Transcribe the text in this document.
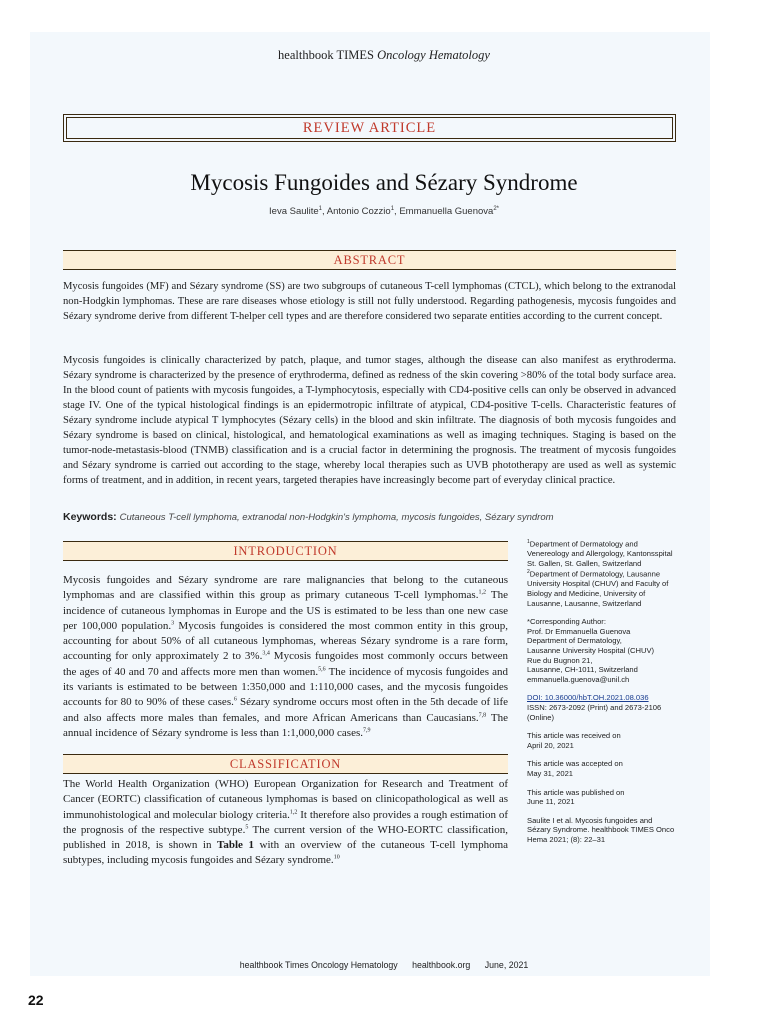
healthbook TIMES Oncology Hematology
REVIEW ARTICLE
Mycosis Fungoides and Sézary Syndrome
Ieva Saulite$^1$, Antonio Cozzio$^1$, Emmanuella Guenova$^{2*}$
ABSTRACT
Mycosis fungoides (MF) and Sézary syndrome (SS) are two subgroups of cutaneous T-cell lymphomas (CTCL), which belong to the extranodal non-Hodgkin lymphomas. These are rare diseases whose etiology is still not fully understood. Regarding pathogenesis, mycosis fungoides and Sézary syndrome derive from different T-helper cell types and are therefore considered two separate entities according to the current concept.
Mycosis fungoides is clinically characterized by patch, plaque, and tumor stages, although the disease can also manifest as erythroderma. Sézary syndrome is characterized by the presence of erythroderma, defined as redness of the skin covering >80% of the total body surface area. In the blood count of patients with mycosis fungoides, a T-lymphocytosis, especially with CD4-positive cells can only be observed in advanced stage IV. One of the typical histological findings is an epidermotropic infiltrate of atypical, CD4-positive T-cells. Characteristic features of Sézary syndrome include atypical T lymphocytes (Sézary cells) in the blood and skin infiltrate. The diagnosis of both mycosis fungoides and Sézary syndrome is based on clinical, histological, and hematological examinations as well as imaging techniques. Staging is based on the tumor-node-metastasis-blood (TNMB) classification and is a crucial factor in determining the prognosis. The treatment of mycosis fungoides and Sézary syndrome is carried out according to the stage, whereby local therapies such as UVB phototherapy are used as well as systemic forms of treatment, and in addition, in recent years, targeted therapies have increasingly become part of everyday clinical practice.
Keywords: Cutaneous T-cell lymphoma, extranodal non-Hodgkin's lymphoma, mycosis fungoides, Sézary syndrom
INTRODUCTION
Mycosis fungoides and Sézary syndrome are rare malignancies that belong to the cutaneous lymphomas and are classified within this group as primary cutaneous T-cell lymphomas.$^{1,2}$ The incidence of cutaneous lymphomas in Europe and the US is estimated to be less than one new case per 100,000 population.$^3$ Mycosis fungoides is considered the most common entity in this group, accounting for about 50% of all cutaneous lymphomas, whereas Sézary syndrome is a rare form, accounting for only approximately 2 to 3%.$^{3,4}$ Mycosis fungoides most commonly occurs between the ages of 40 and 70 and affects more men than women.$^{5,6}$ The incidence of mycosis fungoides and its variants is estimated to be between 1:350,000 and 1:110,000 cases, and the mycosis fungoides accounts for 80 to 90% of these cases.$^6$ Sézary syndrome occurs most often in the 5th decade of life and also affects more males than females, and more African Americans than Caucasians.$^{7,8}$ The annual incidence of Sézary syndrome is less than 1:1,000,000 cases.$^{7,9}$
CLASSIFICATION
The World Health Organization (WHO) European Organization for Research and Treatment of Cancer (EORTC) classification of cutaneous lymphomas is based on clinicopathological as well as immunohistological and molecular biology criteria.$^{1,2}$ It therefore also provides a rough estimation of the prognosis of the respective subtype.$^5$ The current version of the WHO-EORTC classification, published in 2018, is shown in Table 1 with an overview of the cutaneous T-cell lymphoma subtypes, including mycosis fungoides and Sézary syndrome.$^{10}$

$^1$Department of Dermatology and Venereology and Allergology, Kantonsspital St. Gallen, St. Gallen, Switzerland
$^2$Department of Dermatology, Lausanne University Hospital (CHUV) and Faculty of Biology and Medicine, University of Lausanne, Lausanne, Switzerland

*Corresponding Author:
Prof. Dr Emmanuella Guenova
Department of Dermatology,
Lausanne University Hospital (CHUV)
Rue du Bugnon 21,
Lausanne, CH-1011, Switzerland
emmanuella.guenova@unil.ch

DOI: 10.36000/hbT.OH.2021.08.036
ISSN: 2673-2092 (Print) and 2673-2106 (Online)

This article was received on
April 20, 2021

This article was accepted on
May 31, 2021

This article was published on
June 11, 2021

Saulite I et al. Mycosis fungoides and Sézary Syndrome. healthbook TIMES Onco Hema 2021; (8): 22–31

healthbook Times Oncology Hematology healthbook.org June, 2021
22
